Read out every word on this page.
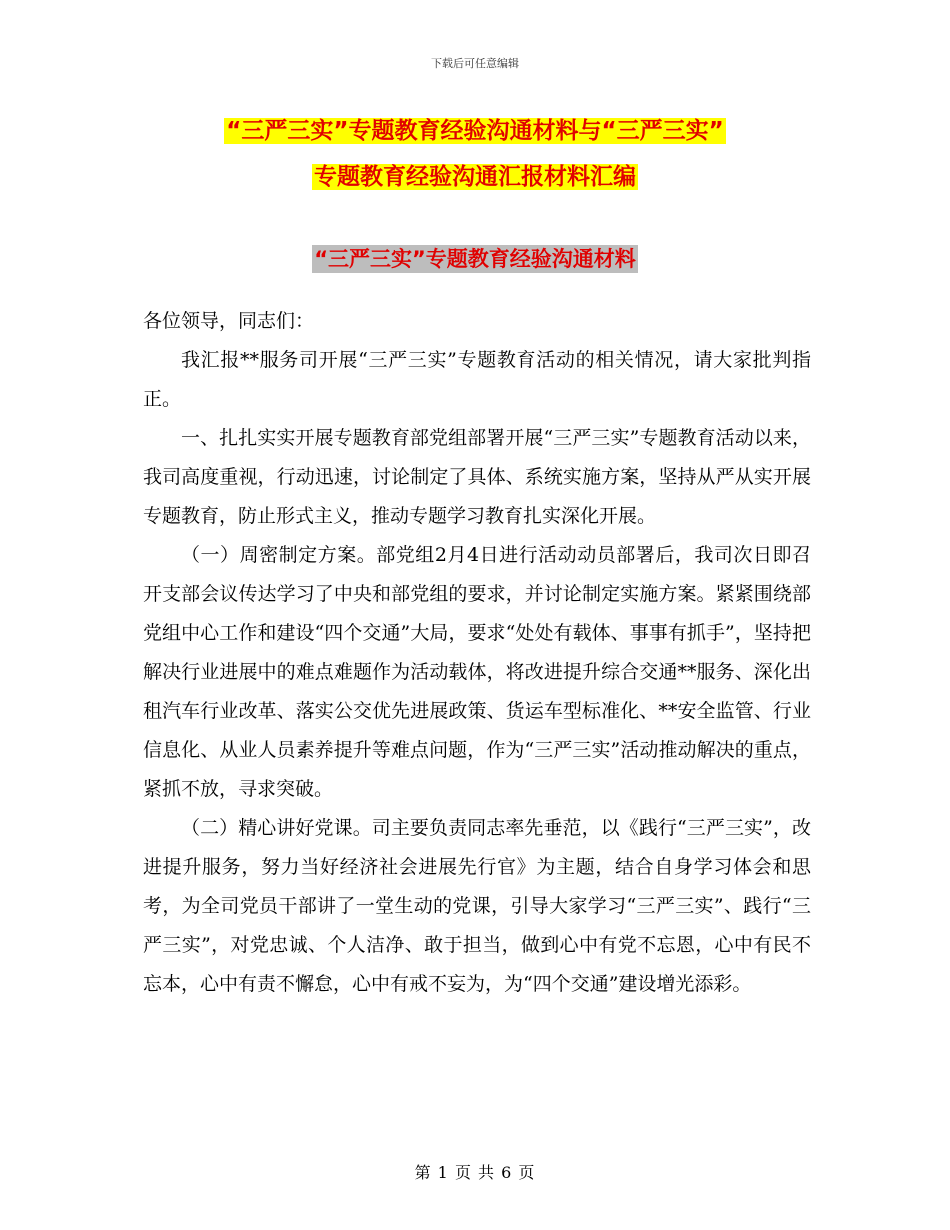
下载后可任意编辑
“三严三实”专题教育经验沟通材料与“三严三实”
专题教育经验沟通汇报材料汇编
“三严三实”专题教育经验沟通材料

各位领导，同志们：

我汇报**服务司开展“三严三实”专题教育活动的相关情况，请大家批判指正。

一、扎扎实实开展专题教育部党组部署开展“三严三实”专题教育活动以来，我司高度重视，行动迅速，讨论制定了具体、系统实施方案，坚持从严从实开展专题教育，防止形式主义，推动专题学习教育扎实深化开展。

（一）周密制定方案。部党组2月4日进行活动动员部署后，我司次日即召开支部会议传达学习了中央和部党组的要求，并讨论制定实施方案。紧紧围绕部党组中心工作和建设“四个交通”大局，要求“处处有载体、事事有抓手”，坚持把解决行业进展中的难点难题作为活动载体，将改进提升综合交通**服务、深化出租汽车行业改革、落实公交优先进展政策、货运车型标准化、**安全监管、行业信息化、从业人员素养提升等难点问题，作为“三严三实”活动推动解决的重点，紧抓不放，寻求突破。

（二）精心讲好党课。司主要负责同志率先垂范，以《践行“三严三实”，改进提升服务，努力当好经济社会进展先行官》为主题，结合自身学习体会和思考，为全司党员干部讲了一堂生动的党课，引导大家学习“三严三实”、践行“三严三实”，对党忠诚、个人洁净、敢于担当，做到心中有党不忘恩，心中有民不忘本，心中有责不懈怠，心中有戒不妄为，为“四个交通”建设增光添彩。

第 1 页 共 6 页
